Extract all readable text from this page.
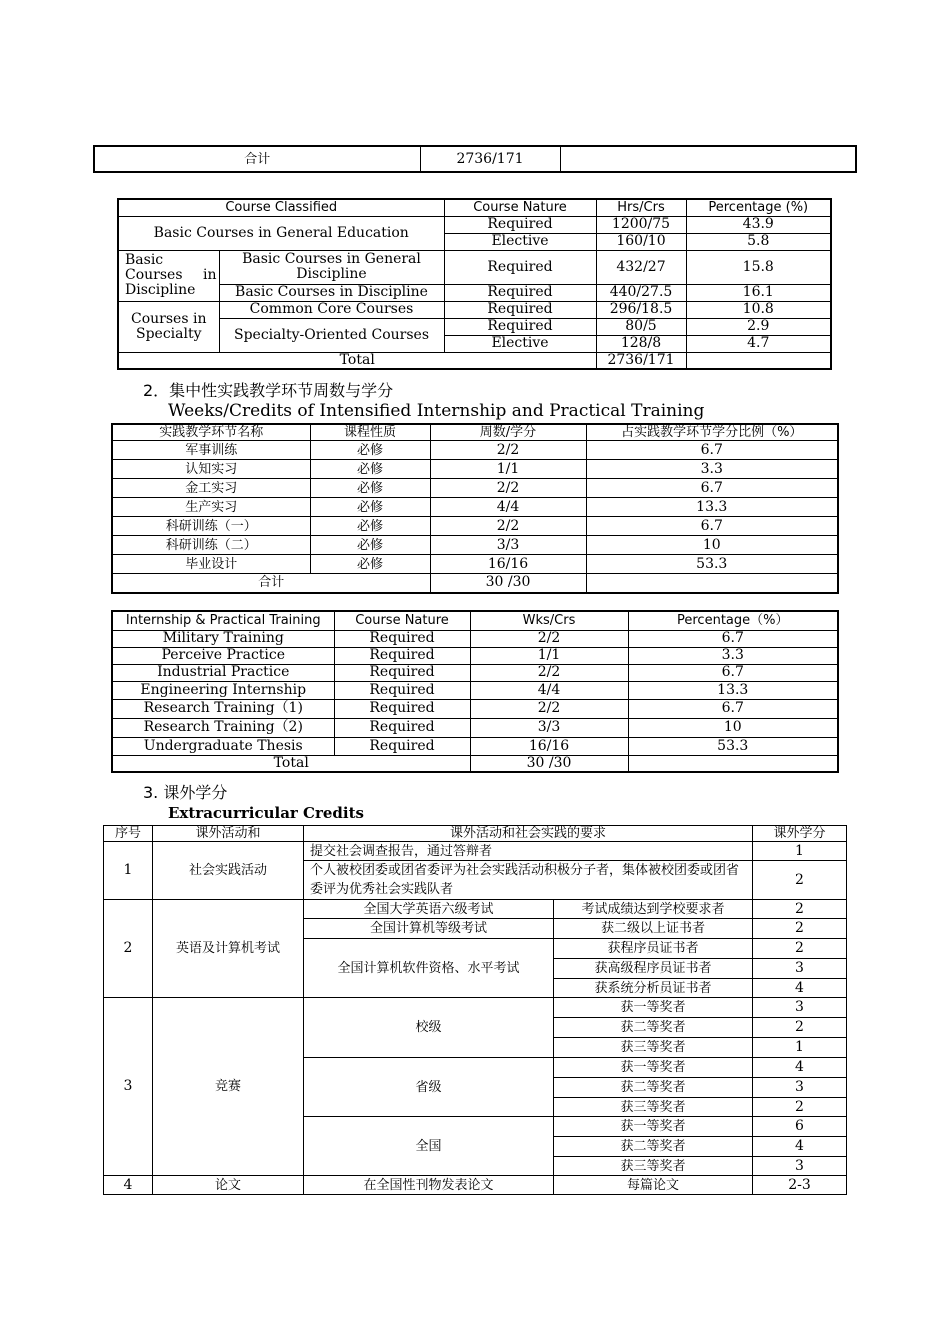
合计	2736/171	
Course Classified		Course Nature	Hrs/Crs	Percentage (%)
Basic Courses in General Education		Required	1200/75	43.9
		Elective	160/10	5.8
Basic Courses in Discipline	Basic Courses in General Discipline	Required	432/27	15.8
	Basic Courses in Discipline	Required	440/27.5	16.1
Courses in Specialty	Common Core Courses	Required	296/18.5	10.8
	Specialty-Oriented Courses	Required	80/5	2.9
		Elective	128/8	4.7
Total			2736/171	
2．集中性实践教学环节周数与学分
Weeks/Credits of Intensified Internship and Practical Training
实践教学环节名称	课程性质	周数/学分	占实践教学环节学分比例（%）
军事训练	必修	2/2	6.7
认知实习	必修	1/1	3.3
金工实习	必修	2/2	6.7
生产实习	必修	4/4	13.3
科研训练（一）	必修	2/2	6.7
科研训练（二）	必修	3/3	10
毕业设计	必修	16/16	53.3
合计		30 /30	
Internship & Practical Training	Course Nature	Wks/Crs	Percentage（%）
Military Training	Required	2/2	6.7
Perceive Practice	Required	1/1	3.3
Industrial Practice	Required	2/2	6.7
Engineering Internship	Required	4/4	13.3
Research Training（1)	Required	2/2	6.7
Research Training（2)	Required	3/3	10
Undergraduate Thesis	Required	16/16	53.3
Total		30 /30	
3. 课外学分
Extracurricular Credits
序号	课外活动和	课外活动和社会实践的要求		课外学分
1	社会实践活动	提交社会调查报告，通过答辩者		1
		个人被校团委或团省委评为社会实践活动积极分子者，集体被校团委或团省委评为优秀社会实践队者		2
2	英语及计算机考试	全国大学英语六级考试	考试成绩达到学校要求者	2
		全国计算机等级考试	获二级以上证书者	2
		全国计算机软件资格、水平考试	获程序员证书者	2
			获高级程序员证书者	3
			获系统分析员证书者	4
3	竞赛	校级	获一等奖者	3
			获二等奖者	2
			获三等奖者	1
		省级	获一等奖者	4
			获二等奖者	3
			获三等奖者	2
		全国	获一等奖者	6
			获二等奖者	4
			获三等奖者	3
4	论文	在全国性刊物发表论文	每篇论文	2-3
